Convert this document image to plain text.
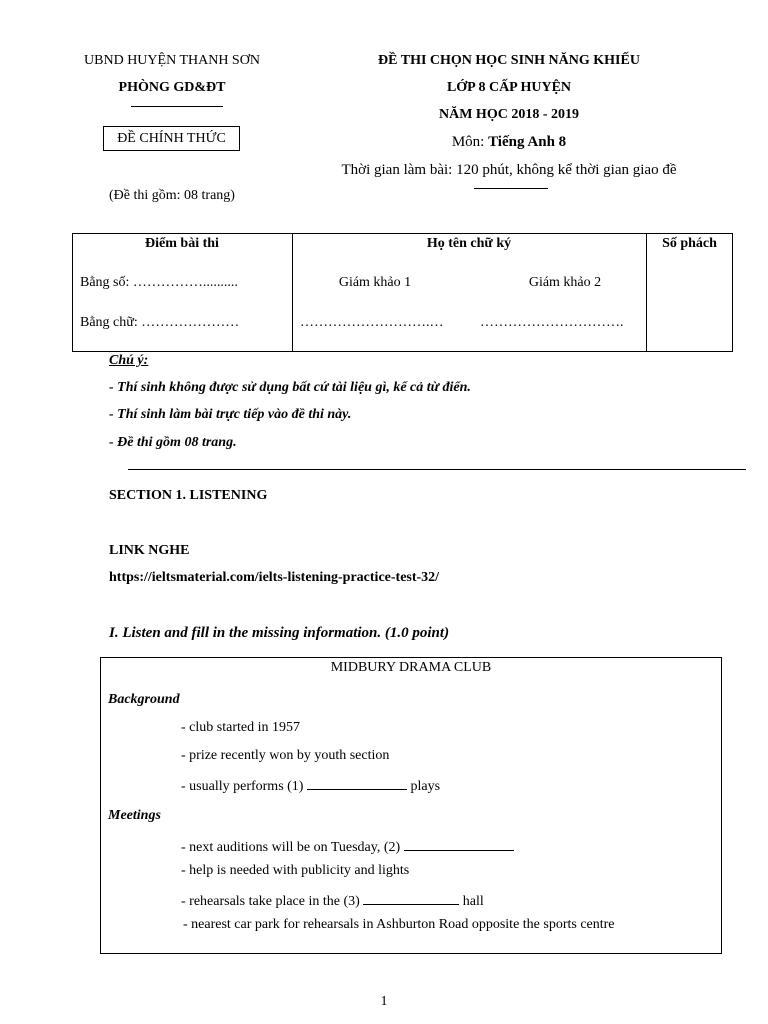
UBND HUYỆN THANH SƠN
PHÒNG GD&ĐT
ĐỀ CHÍNH THỨC
(Đề thi gồm: 08 trang)
ĐỀ THI CHỌN HỌC SINH NĂNG KHIẾU
LỚP 8 CẤP HUYỆN
NĂM HỌC 2018 - 2019
Môn: Tiếng Anh 8
Thời gian làm bài: 120 phút, không kể thời gian giao đề
Điểm bài thi	Họ tên chữ ký	Số phách
Bằng số: ……………..........
Bằng chữ: …………………
Giám khảo 1	Giám khảo 2
……………………….…	………………………….
Chú ý:
- Thí sinh không được sử dụng bất cứ tài liệu gì, kể cả từ điển.
- Thí sinh làm bài trực tiếp vào đề thi này.
- Đề thi gồm 08 trang.
SECTION 1. LISTENING
LINK NGHE
https://ieltsmaterial.com/ielts-listening-practice-test-32/
I. Listen and fill in the missing information. (1.0 point)
MIDBURY DRAMA CLUB
Background
- club started in 1957
- prize recently won by youth section
- usually performs (1)	plays
Meetings
- next auditions will be on Tuesday, (2)
- help is needed with publicity and lights
- rehearsals take place in the (3)	hall
- nearest car park for rehearsals in Ashburton Road opposite the sports centre
1
